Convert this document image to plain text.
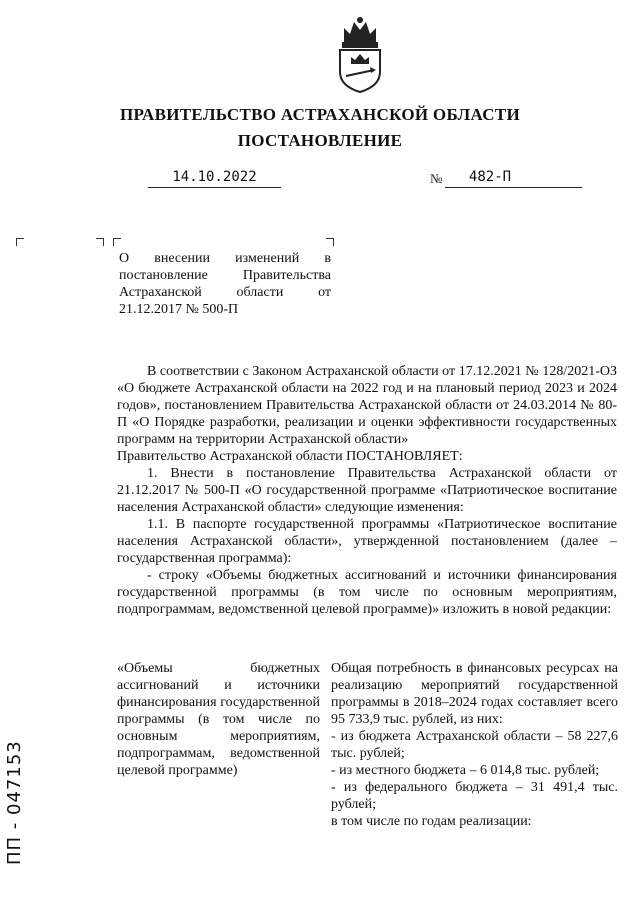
ПРАВИТЕЛЬСТВО АСТРАХАНСКОЙ ОБЛАСТИ
ПОСТАНОВЛЕНИЕ
14.10.2022	№	482-П
О внесении изменений в постановление Правительства Астраханской области от 21.12.2017 № 500-П

В соответствии с Законом Астраханской области от 17.12.2021 № 128/2021-ОЗ «О бюджете Астраханской области на 2022 год и на плановый период 2023 и 2024 годов», постановлением Правительства Астраханской области от 24.03.2014 № 80-П «О Порядке разработки, реализации и оценки эффективности государственных программ на территории Астраханской области»

Правительство Астраханской области ПОСТАНОВЛЯЕТ:

1. Внести в постановление Правительства Астраханской области от 21.12.2017 № 500-П «О государственной программе «Патриотическое воспитание населения Астраханской области» следующие изменения:

1.1. В паспорте государственной программы «Патриотическое воспитание населения Астраханской области», утвержденной постановлением (далее – государственная программа):

- строку «Объемы бюджетных ассигнований и источники финансирования государственной программы (в том числе по основным мероприятиям, подпрограммам, ведомственной целевой программе)» изложить в новой редакции:

«Объемы бюджетных ассигнований и источники финансирования государственной программы (в том числе по основным мероприятиям, подпрограммам, ведомственной целевой программе)

Общая потребность в финансовых ресурсах на реализацию мероприятий государственной программы в 2018–2024 годах составляет всего 95 733,9 тыс. рублей, из них:

- из бюджета Астраханской области – 58 227,6 тыс. рублей;

- из местного бюджета – 6 014,8 тыс. рублей;

- из федерального бюджета – 31 491,4 тыс. рублей;

в том числе по годам реализации:

ПП - 047153
